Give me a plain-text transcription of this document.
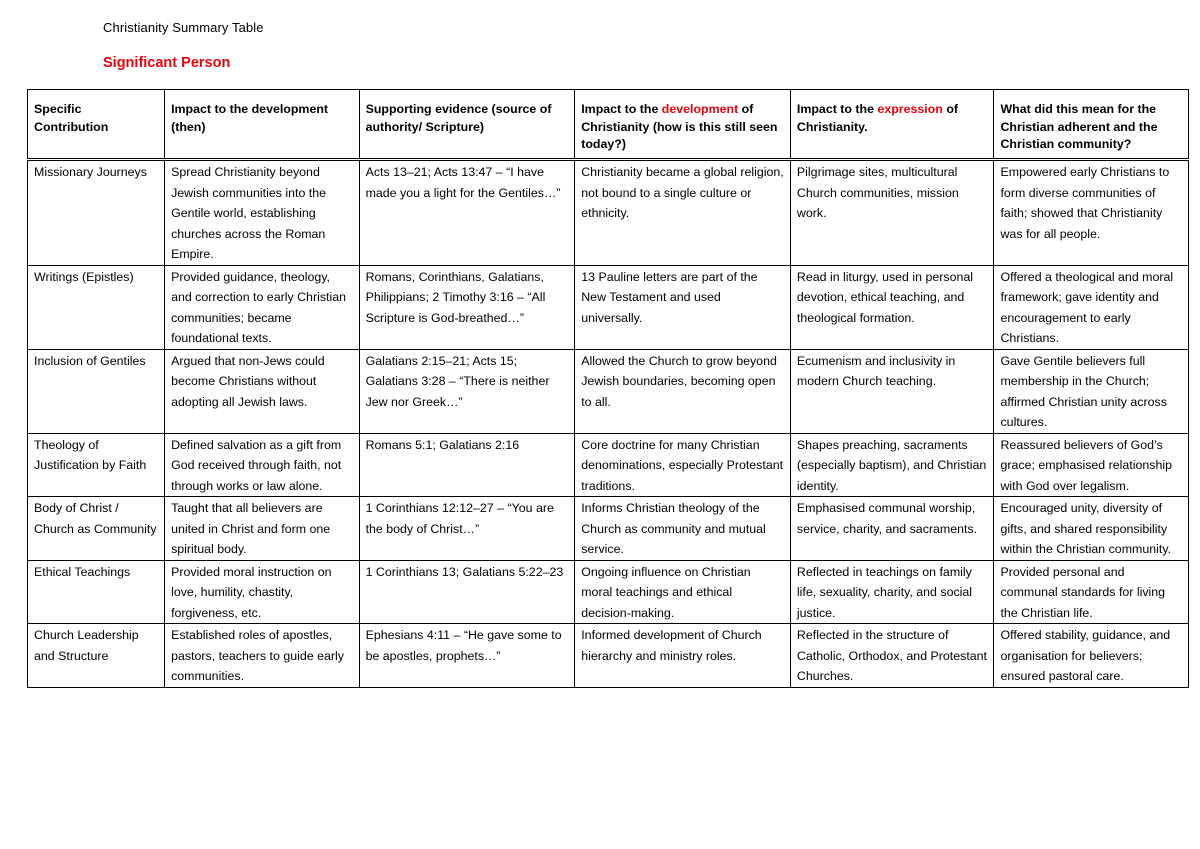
Christianity Summary Table
Significant Person
Specific Contribution	Impact to the development (then)	Supporting evidence (source of authority/ Scripture)	Impact to the development of Christianity (how is this still seen today?)	Impact to the expression of Christianity.	What did this mean for the Christian adherent and the Christian community?
Missionary Journeys	Spread Christianity beyond Jewish communities into the Gentile world, establishing churches across the Roman Empire.	Acts 13–21; Acts 13:47 – “I have made you a light for the Gentiles…”	Christianity became a global religion, not bound to a single culture or ethnicity.	Pilgrimage sites, multicultural Church communities, mission work.	Empowered early Christians to form diverse communities of faith; showed that Christianity was for all people.
Writings (Epistles)	Provided guidance, theology, and correction to early Christian communities; became foundational texts.	Romans, Corinthians, Galatians, Philippians; 2 Timothy 3:16 – “All Scripture is God-breathed…”	13 Pauline letters are part of the New Testament and used universally.	Read in liturgy, used in personal devotion, ethical teaching, and theological formation.	Offered a theological and moral framework; gave identity and encouragement to early Christians.
Inclusion of Gentiles	Argued that non-Jews could become Christians without adopting all Jewish laws.	Galatians 2:15–21; Acts 15; Galatians 3:28 – “There is neither Jew nor Greek…”	Allowed the Church to grow beyond Jewish boundaries, becoming open to all.	Ecumenism and inclusivity in modern Church teaching.	Gave Gentile believers full membership in the Church; affirmed Christian unity across cultures.
Theology of Justification by Faith	Defined salvation as a gift from God received through faith, not through works or law alone.	Romans 5:1; Galatians 2:16	Core doctrine for many Christian denominations, especially Protestant traditions.	Shapes preaching, sacraments (especially baptism), and Christian identity.	Reassured believers of God’s grace; emphasised relationship with God over legalism.
Body of Christ / Church as Community	Taught that all believers are united in Christ and form one spiritual body.	1 Corinthians 12:12–27 – “You are the body of Christ…”	Informs Christian theology of the Church as community and mutual service.	Emphasised communal worship, service, charity, and sacraments.	Encouraged unity, diversity of gifts, and shared responsibility within the Christian community.
Ethical Teachings	Provided moral instruction on love, humility, chastity, forgiveness, etc.	1 Corinthians 13; Galatians 5:22–23	Ongoing influence on Christian moral teachings and ethical decision-making.	Reflected in teachings on family life, sexuality, charity, and social justice.	Provided personal and communal standards for living the Christian life.
Church Leadership and Structure	Established roles of apostles, pastors, teachers to guide early communities.	Ephesians 4:11 – “He gave some to be apostles, prophets…”	Informed development of Church hierarchy and ministry roles.	Reflected in the structure of Catholic, Orthodox, and Protestant Churches.	Offered stability, guidance, and organisation for believers; ensured pastoral care.
